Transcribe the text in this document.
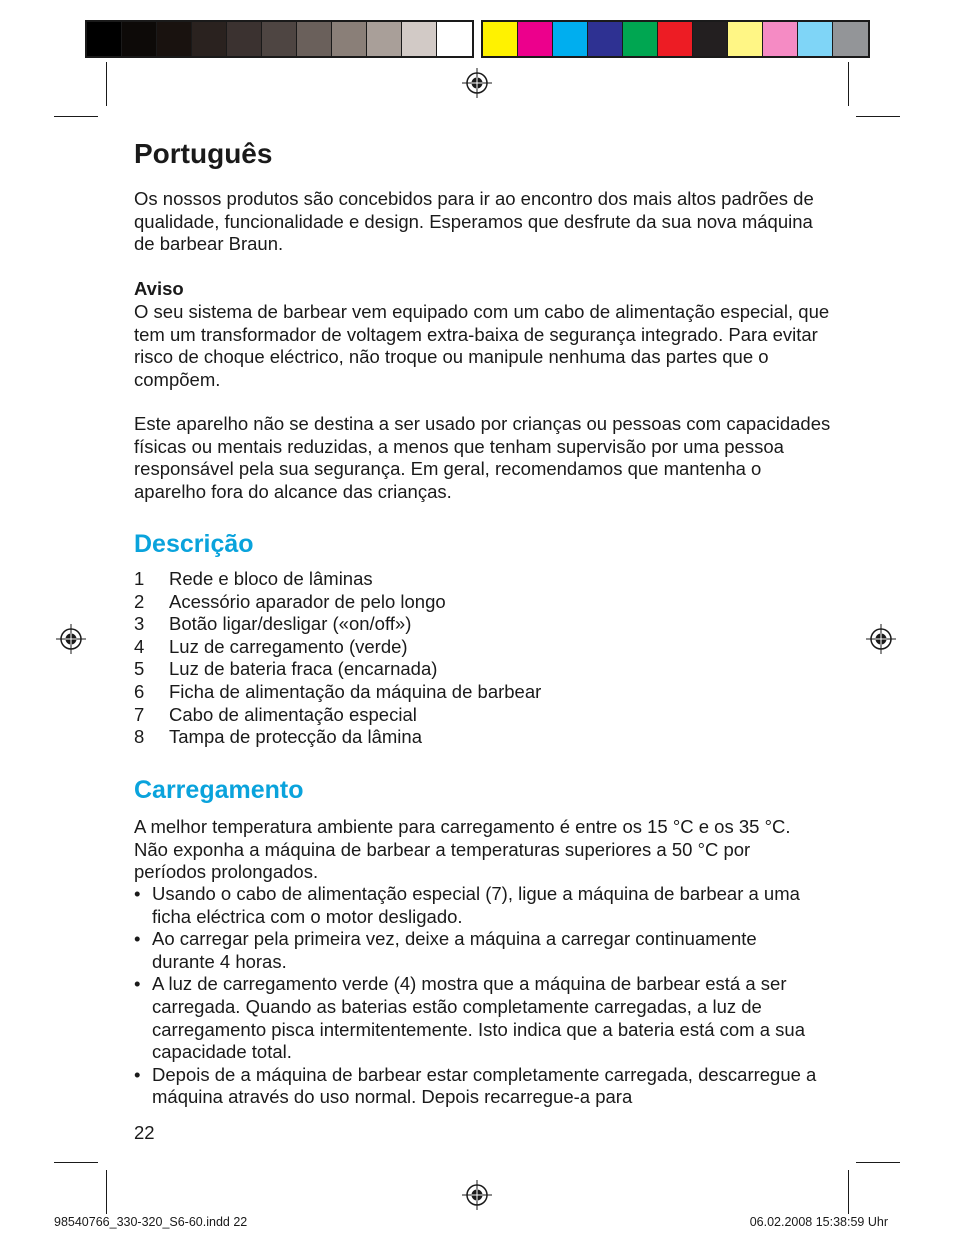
Português

Os nossos produtos são concebidos para ir ao encontro dos mais altos padrões de qualidade, funcionalidade e design. Esperamos que desfrute da sua nova máquina de barbear Braun.

Aviso

O seu sistema de barbear vem equipado com um cabo de alimentação especial, que tem um transformador de voltagem extra-baixa de segurança integrado. Para evitar risco de choque eléctrico, não troque ou manipule nenhuma das partes que o compõem.

Este aparelho não se destina a ser usado por crianças ou pessoas com capacidades físicas ou mentais reduzidas, a menos que tenham supervisão por uma pessoa responsável pela sua segurança. Em geral, recomendamos que mantenha o aparelho fora do alcance das crianças.

Descrição
1	Rede e bloco de lâminas
2	Acessório aparador de pelo longo
3	Botão ligar/desligar («on/off»)
4	Luz de carregamento (verde)
5	Luz de bateria fraca (encarnada)
6	Ficha de alimentação da máquina de barbear
7	Cabo de alimentação especial
8	Tampa de protecção da lâmina
Carregamento

A melhor temperatura ambiente para carregamento é entre os 15 °C e os 35 °C. Não exponha a máquina de barbear a temperaturas superiores a 50 °C por períodos prolongados.

• Usando o cabo de alimentação especial (7), ligue a máquina de barbear a uma ficha eléctrica com o motor desligado.
• Ao carregar pela primeira vez, deixe a máquina a carregar continuamente durante 4 horas.
• A luz de carregamento verde (4) mostra que a máquina de barbear está a ser carregada. Quando as baterias estão completamente carregadas, a luz de carregamento pisca intermitentemente. Isto indica que a bateria está com a sua capacidade total.
• Depois de a máquina de barbear estar completamente carregada, descarregue a máquina através do uso normal. Depois recarregue-a para
22
98540766_330-320_S6-60.indd 22	06.02.2008 15:38:59 Uhr
